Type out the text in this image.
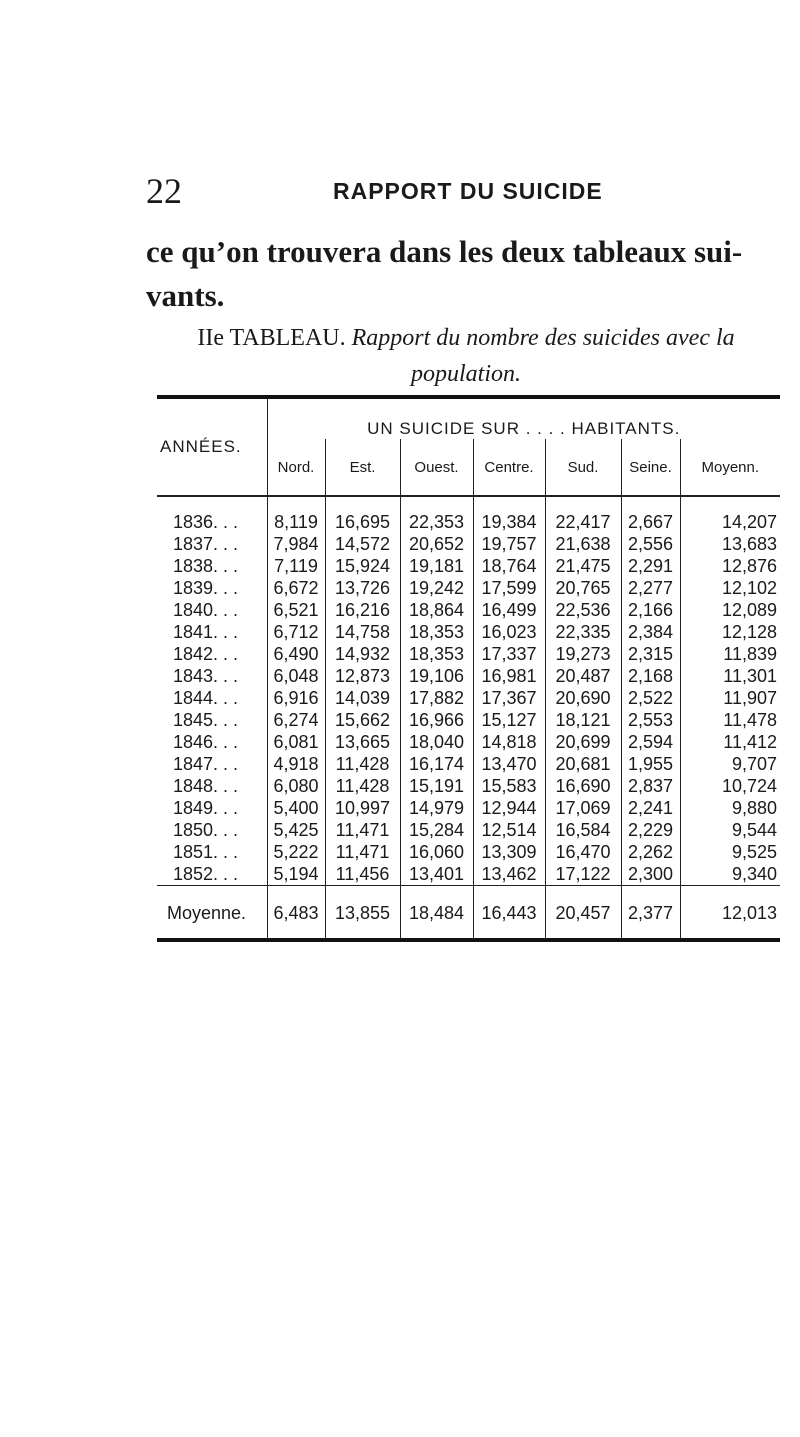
22	RAPPORT DU SUICIDE
ce qu’on trouvera dans les deux tableaux sui-vants.
IIe TABLEAU. Rapport du nombre des suicides avec la population.
ANNÉES.	UN SUICIDE SUR . . . . HABITANTS.						
	Nord.	Est.	Ouest.	Centre.	Sud.	Seine.	Moyenn.
1836. . .	8,119	16,695	22,353	19,384	22,417	2,667	14,207
1837. . .	7,984	14,572	20,652	19,757	21,638	2,556	13,683
1838. . .	7,119	15,924	19,181	18,764	21,475	2,291	12,876
1839. . .	6,672	13,726	19,242	17,599	20,765	2,277	12,102
1840. . .	6,521	16,216	18,864	16,499	22,536	2,166	12,089
1841. . .	6,712	14,758	18,353	16,023	22,335	2,384	12,128
1842. . .	6,490	14,932	18,353	17,337	19,273	2,315	11,839
1843. . .	6,048	12,873	19,106	16,981	20,487	2,168	11,301
1844. . .	6,916	14,039	17,882	17,367	20,690	2,522	11,907
1845. . .	6,274	15,662	16,966	15,127	18,121	2,553	11,478
1846. . .	6,081	13,665	18,040	14,818	20,699	2,594	11,412
1847. . .	4,918	11,428	16,174	13,470	20,681	1,955	9,707
1848. . .	6,080	11,428	15,191	15,583	16,690	2,837	10,724
1849. . .	5,400	10,997	14,979	12,944	17,069	2,241	9,880
1850. . .	5,425	11,471	15,284	12,514	16,584	2,229	9,544
1851. . .	5,222	11,471	16,060	13,309	16,470	2,262	9,525
1852. . .	5,194	11,456	13,401	13,462	17,122	2,300	9,340
Moyenne.	6,483	13,855	18,484	16,443	20,457	2,377	12,013
